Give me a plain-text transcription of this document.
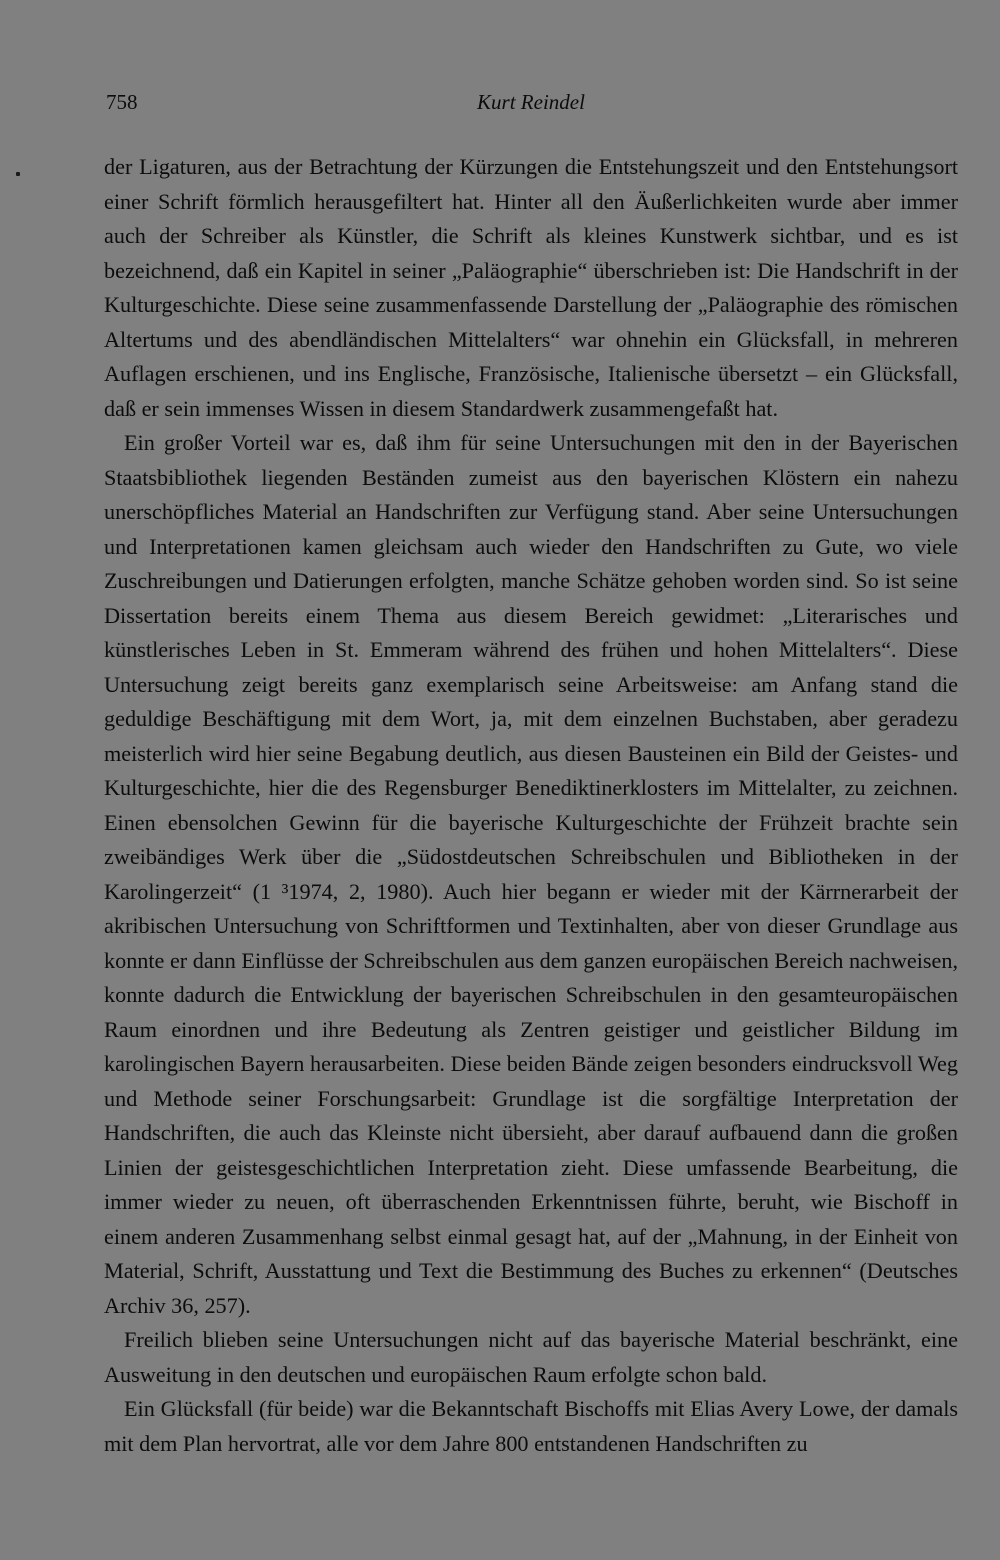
758	Kurt Reindel

der Ligaturen, aus der Betrachtung der Kürzungen die Entstehungszeit und den Entstehungsort einer Schrift förmlich herausgefiltert hat. Hinter all den Äußerlichkeiten wurde aber immer auch der Schreiber als Künstler, die Schrift als kleines Kunstwerk sichtbar, und es ist bezeichnend, daß ein Kapitel in seiner „Paläographie“ überschrieben ist: Die Handschrift in der Kulturgeschichte. Diese seine zusammenfassende Darstellung der „Paläographie des römischen Altertums und des abendländischen Mittelalters“ war ohnehin ein Glücksfall, in mehreren Auflagen erschienen, und ins Englische, Französische, Italienische übersetzt – ein Glücksfall, daß er sein immenses Wissen in diesem Standardwerk zusammengefaßt hat.

Ein großer Vorteil war es, daß ihm für seine Untersuchungen mit den in der Bayerischen Staatsbibliothek liegenden Beständen zumeist aus den bayerischen Klöstern ein nahezu unerschöpfliches Material an Handschriften zur Verfügung stand. Aber seine Untersuchungen und Interpretationen kamen gleichsam auch wieder den Handschriften zu Gute, wo viele Zuschreibungen und Datierungen erfolgten, manche Schätze gehoben worden sind. So ist seine Dissertation bereits einem Thema aus diesem Bereich gewidmet: „Literarisches und künstlerisches Leben in St. Emmeram während des frühen und hohen Mittelalters“. Diese Untersuchung zeigt bereits ganz exemplarisch seine Arbeitsweise: am Anfang stand die geduldige Beschäftigung mit dem Wort, ja, mit dem einzelnen Buchstaben, aber geradezu meisterlich wird hier seine Begabung deutlich, aus diesen Bausteinen ein Bild der Geistes- und Kulturgeschichte, hier die des Regensburger Benediktinerklosters im Mittelalter, zu zeichnen. Einen ebensolchen Gewinn für die bayerische Kulturgeschichte der Frühzeit brachte sein zweibändiges Werk über die „Südostdeutschen Schreibschulen und Bibliotheken in der Karolingerzeit“ (1 ³1974, 2, 1980). Auch hier begann er wieder mit der Kärrnerarbeit der akribischen Untersuchung von Schriftformen und Textinhalten, aber von dieser Grundlage aus konnte er dann Einflüsse der Schreibschulen aus dem ganzen europäischen Bereich nachweisen, konnte dadurch die Entwicklung der bayerischen Schreibschulen in den gesamteuropäischen Raum einordnen und ihre Bedeutung als Zentren geistiger und geistlicher Bildung im karolingischen Bayern herausarbeiten. Diese beiden Bände zeigen besonders eindrucksvoll Weg und Methode seiner Forschungsarbeit: Grundlage ist die sorgfältige Interpretation der Handschriften, die auch das Kleinste nicht übersieht, aber darauf aufbauend dann die großen Linien der geistesgeschichtlichen Interpretation zieht. Diese umfassende Bearbeitung, die immer wieder zu neuen, oft überraschenden Erkenntnissen führte, beruht, wie Bischoff in einem anderen Zusammenhang selbst einmal gesagt hat, auf der „Mahnung, in der Einheit von Material, Schrift, Ausstattung und Text die Bestimmung des Buches zu erkennen“ (Deutsches Archiv 36, 257).

Freilich blieben seine Untersuchungen nicht auf das bayerische Material beschränkt, eine Ausweitung in den deutschen und europäischen Raum erfolgte schon bald.

Ein Glücksfall (für beide) war die Bekanntschaft Bischoffs mit Elias Avery Lowe, der damals mit dem Plan hervortrat, alle vor dem Jahre 800 entstandenen Handschriften zu
